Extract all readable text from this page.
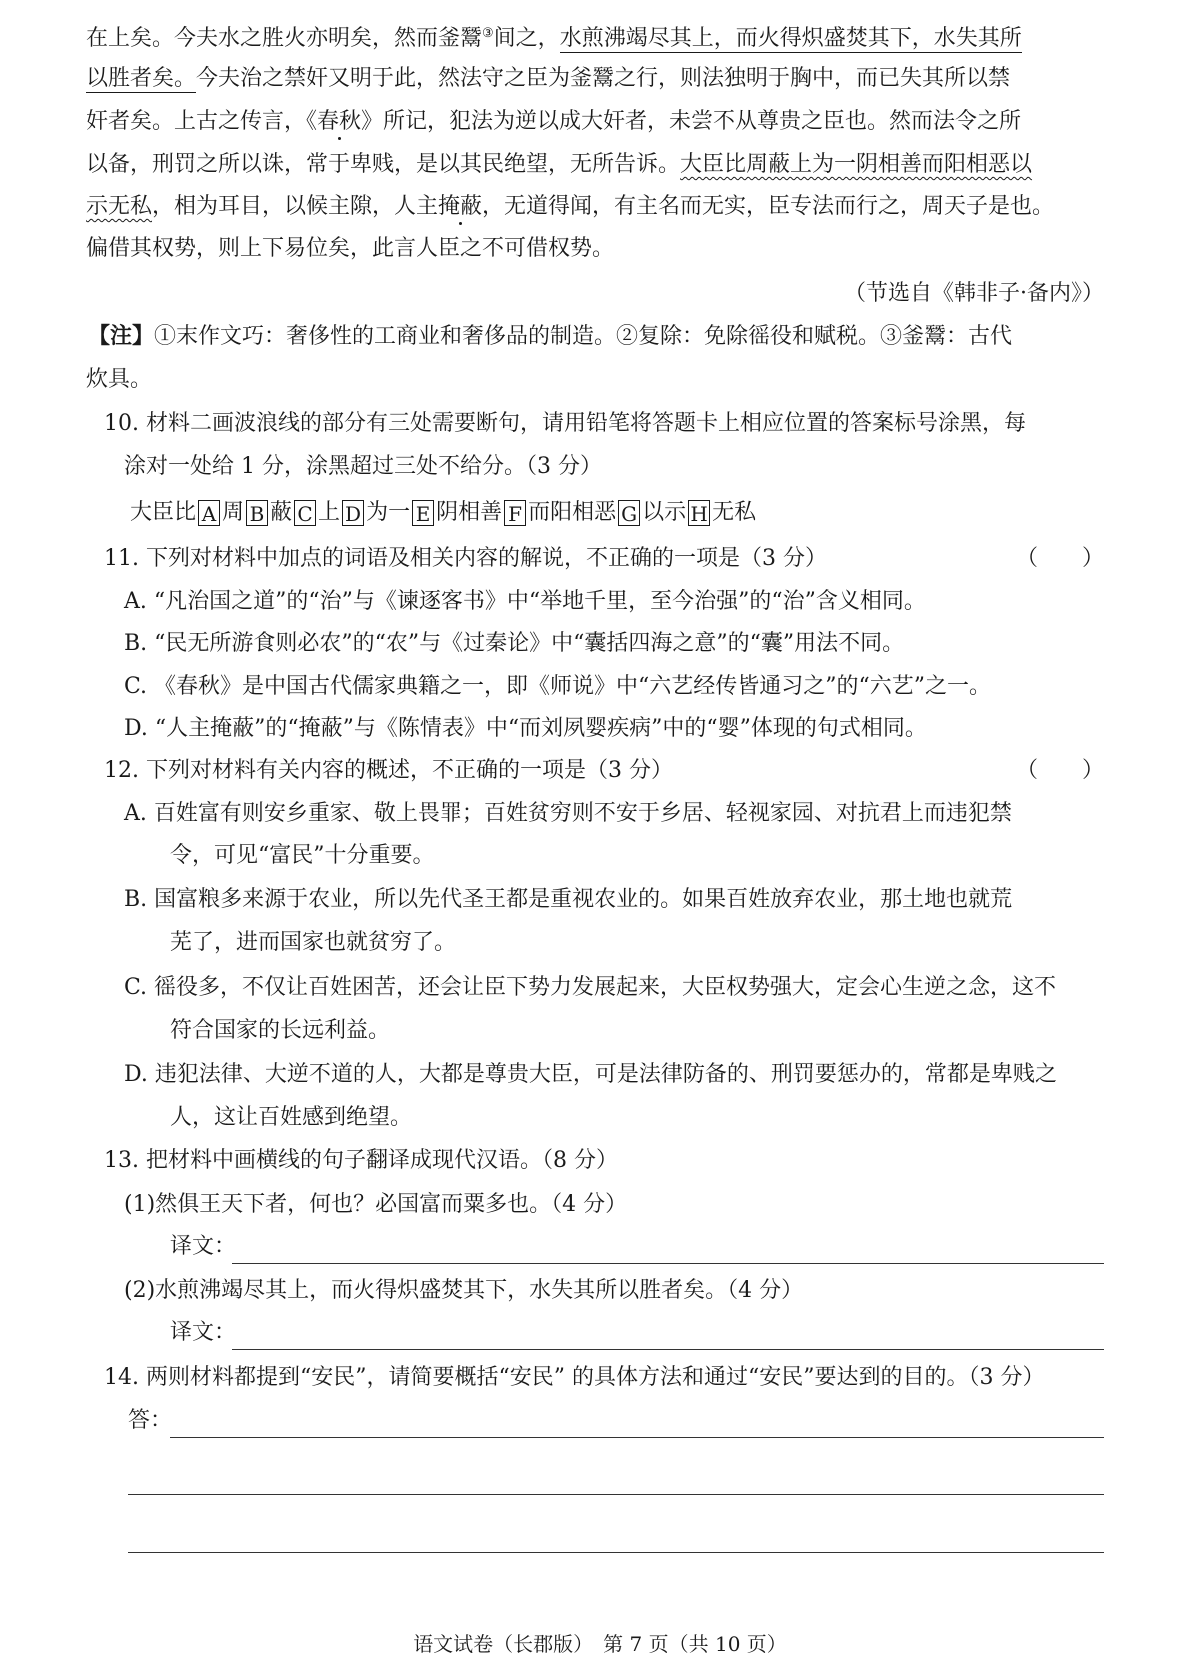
在上矣。今夫水之胜火亦明矣，然而釜鬵③间之，水煎沸竭尽其上，而火得炽盛焚其下，水失其所
以胜者矣。今夫治之禁奸又明于此，然法守之臣为釜鬵之行，则法独明于胸中，而已失其所以禁
奸者矣。上古之传言，《春秋》所记，犯法为逆以成大奸者，未尝不从尊贵之臣也。然而法令之所
以备，刑罚之所以诛，常于卑贱，是以其民绝望，无所告诉。大臣比周蔽上为一阴相善而阳相恶以
示无私，相为耳目，以候主隙，人主掩蔽，无道得闻，有主名而无实，臣专法而行之，周天子是也。
偏借其权势，则上下易位矣，此言人臣之不可借权势。
（节选自《韩非子·备内》）
【注】①末作文巧：奢侈性的工商业和奢侈品的制造。②复除：免除徭役和赋税。③釜鬵：古代
炊具。
10. 材料二画波浪线的部分有三处需要断句，请用铅笔将答题卡上相应位置的答案标号涂黑，每
涂对一处给 1 分，涂黑超过三处不给分。（3 分）
大臣比 A 周 B 蔽 C 上 D 为一 E 阴相善 F 而阳相恶 G 以示 H 无私
11. 下列对材料中加点的词语及相关内容的解说，不正确的一项是（3 分）	（　　）
A. “凡治国之道”的“治”与《谏逐客书》中“举地千里，至今治强”的“治”含义相同。
B. “民无所游食则必农”的“农”与《过秦论》中“囊括四海之意”的“囊”用法不同。
C. 《春秋》是中国古代儒家典籍之一，即《师说》中“六艺经传皆通习之”的“六艺”之一。
D. “人主掩蔽”的“掩蔽”与《陈情表》中“而刘夙婴疾病”中的“婴”体现的句式相同。
12. 下列对材料有关内容的概述，不正确的一项是（3 分）	（　　）
A. 百姓富有则安乡重家、敬上畏罪；百姓贫穷则不安于乡居、轻视家园、对抗君上而违犯禁
令，可见“富民”十分重要。
B. 国富粮多来源于农业，所以先代圣王都是重视农业的。如果百姓放弃农业，那土地也就荒
芜了，进而国家也就贫穷了。
C. 徭役多，不仅让百姓困苦，还会让臣下势力发展起来，大臣权势强大，定会心生逆之念，这不
符合国家的长远利益。
D. 违犯法律、大逆不道的人，大都是尊贵大臣，可是法律防备的、刑罚要惩办的，常都是卑贱之
人，这让百姓感到绝望。
13. 把材料中画横线的句子翻译成现代汉语。（8 分）
(1)然俱王天下者，何也？必国富而粟多也。（4 分）
译文：
(2)水煎沸竭尽其上，而火得炽盛焚其下，水失其所以胜者矣。（4 分）
译文：
14. 两则材料都提到“安民”，请简要概括“安民” 的具体方法和通过“安民”要达到的目的。（3 分）
答：
语文试卷（长郡版）　第 7 页（共 10 页）
